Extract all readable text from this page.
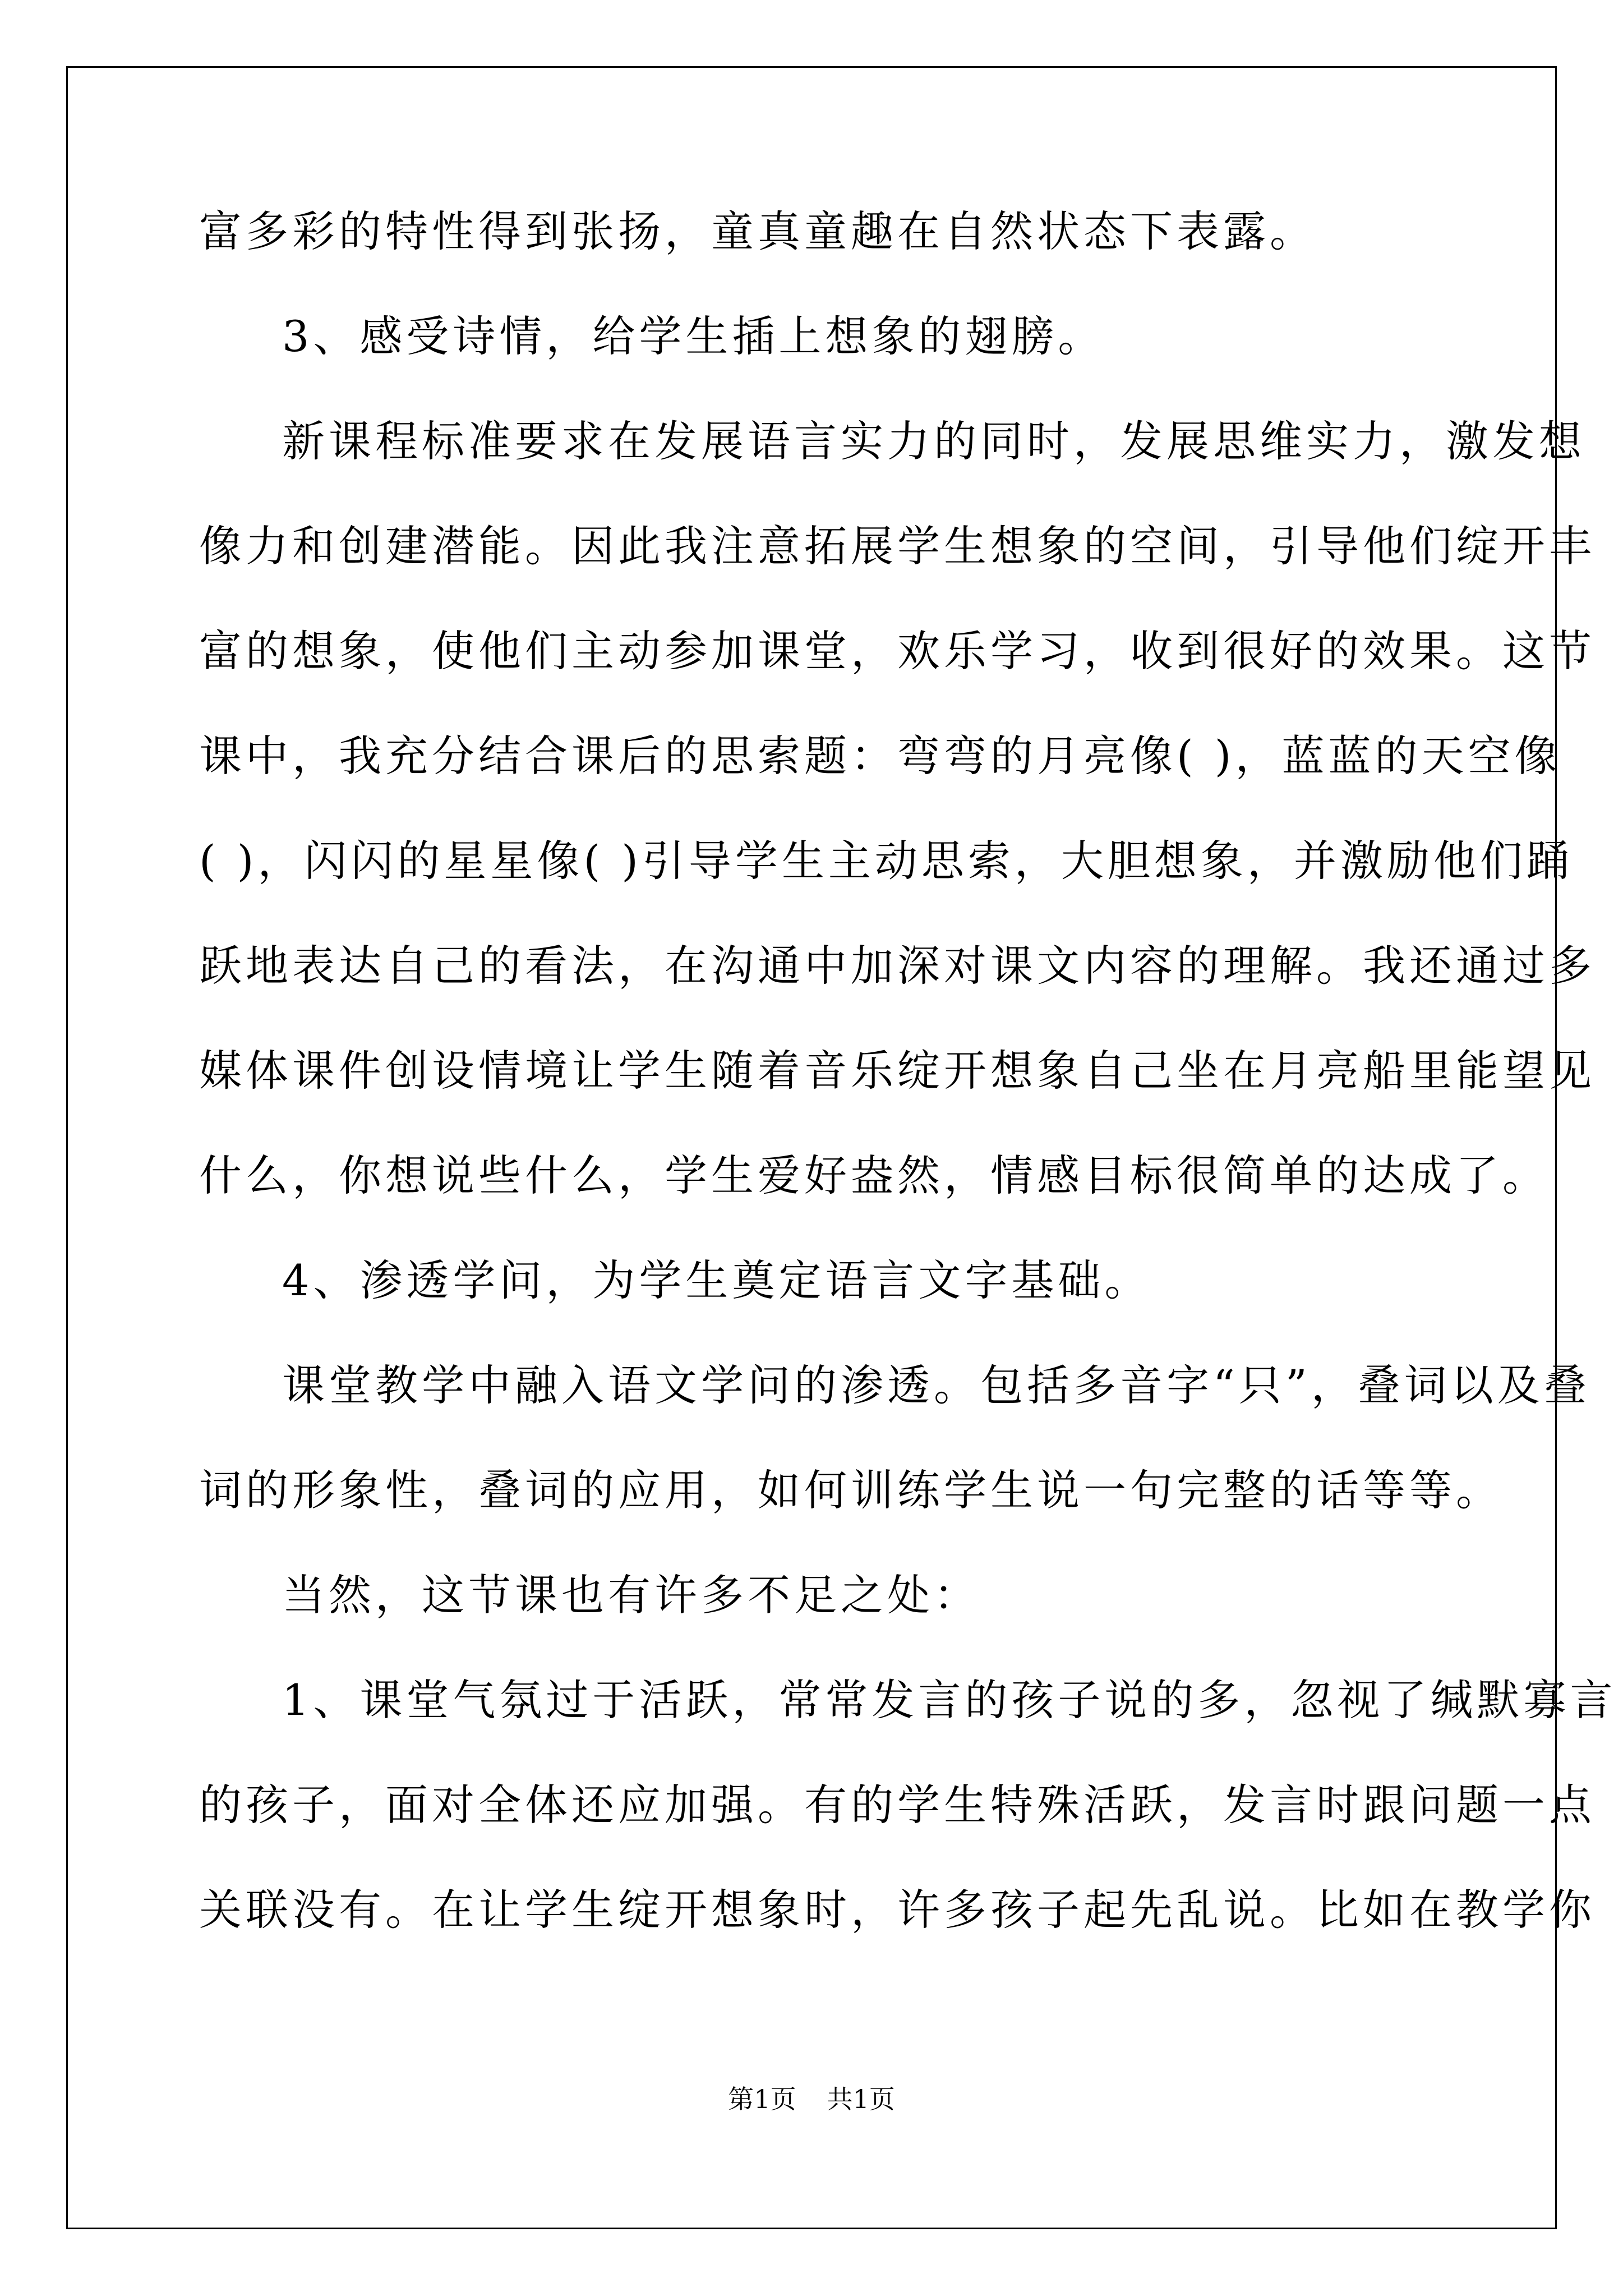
富多彩的特性得到张扬，童真童趣在自然状态下表露。
3、感受诗情，给学生插上想象的翅膀。
新课程标准要求在发展语言实力的同时，发展思维实力，激发想
像力和创建潜能。因此我注意拓展学生想象的空间，引导他们绽开丰
富的想象，使他们主动参加课堂，欢乐学习，收到很好的效果。这节
课中，我充分结合课后的思索题：弯弯的月亮像( )，蓝蓝的天空像
( )，闪闪的星星像( )引导学生主动思索，大胆想象，并激励他们踊
跃地表达自己的看法，在沟通中加深对课文内容的理解。我还通过多
媒体课件创设情境让学生随着音乐绽开想象自己坐在月亮船里能望见
什么，你想说些什么，学生爱好盎然，情感目标很简单的达成了。
4、渗透学问，为学生奠定语言文字基础。
课堂教学中融入语文学问的渗透。包括多音字“只”，叠词以及叠
词的形象性，叠词的应用，如何训练学生说一句完整的话等等。
当然，这节课也有许多不足之处：
1、课堂气氛过于活跃，常常发言的孩子说的多，忽视了缄默寡言
的孩子，面对全体还应加强。有的学生特殊活跃，发言时跟问题一点
关联没有。在让学生绽开想象时，许多孩子起先乱说。比如在教学你
第1页 共1页
